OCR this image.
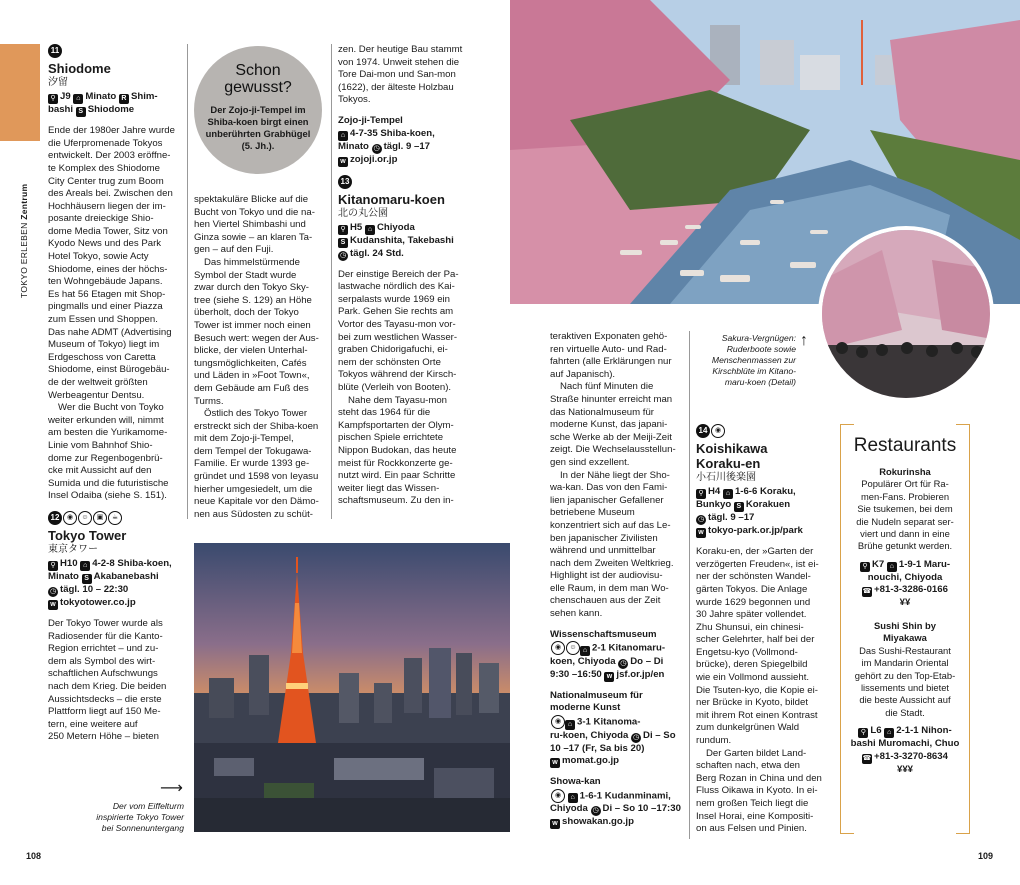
TOKYO ERLEBEN Zentrum
11
Shiodome
汐留
⚲ J9 ⌂ Minato R Shim-
bashi S Shiodome
Ende der 1980er Jahre wurde
die Uferpromenade Tokyos
entwickelt. Der 2003 eröffne-
te Komplex des Shiodome
City Center trug zum Boom
des Areals bei. Zwischen den
Hochhäusern liegen der im-
posante dreieckige Shio-
dome Media Tower, Sitz von
Kyodo News und des Park
Hotel Tokyo, sowie Acty
Shiodome, eines der höchs-
ten Wohngebäude Japans.
Es hat 56 Etagen mit Shop-
pingmalls und einer Piazza
zum Essen und Shoppen.
Das nahe ADMT (Advertising
Museum of Tokyo) liegt im
Erdgeschoss von Caretta
Shiodome, einst Bürogebäu-
de der weltweit größten
Werbeagentur Dentsu.
Wer die Bucht von Toyko
weiter erkunden will, nimmt
am besten die Yurikamome-
Linie vom Bahnhof Shio-
dome zur Regenbogenbrü-
cke mit Aussicht auf den
Sumida und die futuristische
Insel Odaiba (siehe S. 151).
12 ◉ ☺ ▣ ☕
Tokyo Tower
東京タワー
⚲ H10 ⌂ 4-2-8 Shiba-koen,
Minato S Akabanebashi
◷ tägl. 10 – 22:30
w tokyotower.co.jp
Der Tokyo Tower wurde als
Radiosender für die Kanto-
Region errichtet – und zu-
dem als Symbol des wirt-
schaftlichen Aufschwungs
nach dem Krieg. Die beiden
Aussichtsdecks – die erste
Plattform liegt auf 150 Me-
tern, eine weitere auf
250 Metern Höhe – bieten
Schon
gewusst?
Der Zojo-ji-Tempel im Shiba-koen birgt einen unberührten Grabhügel (5. Jh.).
spektakuläre Blicke auf die
Bucht von Tokyo und die na-
hen Viertel Shimbashi und
Ginza sowie – an klaren Ta-
gen – auf den Fuji.
Das himmelstürmende
Symbol der Stadt wurde
zwar durch den Tokyo Sky-
tree (siehe S. 129) an Höhe
überholt, doch der Tokyo
Tower ist immer noch einen
Besuch wert: wegen der Aus-
blicke, der vielen Unterhal-
tungsmöglichkeiten, Cafés
und Läden in »Foot Town«,
dem Gebäude am Fuß des
Turms.
Östlich des Tokyo Tower
erstreckt sich der Shiba-koen
mit dem Zojo-ji-Tempel,
dem Tempel der Tokugawa-
Familie. Er wurde 1393 ge-
gründet und 1598 von Ieyasu
hierher umgesiedelt, um die
neue Kapitale vor den Dämo-
nen aus Südosten zu schüt-
zen. Der heutige Bau stammt
von 1974. Unweit stehen die
Tore Dai-mon und San-mon
(1622), der älteste Holzbau
Tokyos.
Zojo-ji-Tempel
⌂ 4-7-35 Shiba-koen,
Minato ◷ tägl. 9 –17
w zojoji.or.jp
13
Kitanomaru-koen
北の丸公園
⚲ H5 ⌂ Chiyoda
S Kudanshita, Takebashi
◷ tägl. 24 Std.
Der einstige Bereich der Pa-
lastwache nördlich des Kai-
serpalasts wurde 1969 ein
Park. Gehen Sie rechts am
Vortor des Tayasu-mon vor-
bei zum westlichen Wasser-
graben Chidorigafuchi, ei-
nem der schönsten Orte
Tokyos während der Kirsch-
blüte (Verleih von Booten).
Nahe dem Tayasu-mon
steht das 1964 für die
Kampfsportarten der Olym-
pischen Spiele errichtete
Nippon Budokan, das heute
meist für Rockkonzerte ge-
nutzt wird. Ein paar Schritte
weiter liegt das Wissen-
schaftsmuseum. Zu den in-
⟶
Der vom Eiffelturm
inspirierte Tokyo Tower
bei Sonnenuntergang
108
teraktiven Exponaten gehö-
ren virtuelle Auto- und Rad-
fahrten (alle Erklärungen nur
auf Japanisch).
Nach fünf Minuten die
Straße hinunter erreicht man
das Nationalmuseum für
moderne Kunst, das japani-
sche Werke ab der Meiji-Zeit
zeigt. Die Wechselausstellun-
gen sind exzellent.
In der Nähe liegt der Sho-
wa-kan. Das von den Fami-
lien japanischer Gefallener
betriebene Museum
konzentriert sich auf das Le-
ben japanischer Zivilisten
während und unmittelbar
nach dem Zweiten Weltkrieg.
Highlight ist der audiovisu-
elle Raum, in dem man Wo-
chenschauen aus der Zeit
sehen kann.
Wissenschaftsmuseum
◉ ☺ ⌂ 2-1 Kitanomaru-
koen, Chiyoda ◷ Do – Di
9:30 –16:50 w jsf.or.jp/en
Nationalmuseum für
moderne Kunst
◉ ⌂ 3-1 Kitanoma-
ru-koen, Chiyoda ◷ Di – So
10 –17 (Fr, Sa bis 20)
w momat.go.jp
Showa-kan
◉ ⌂ 1-6-1 Kudanminami,
Chiyoda ◷ Di – So 10 –17:30
w showakan.go.jp
Sakura-Vergnügen:
Ruderboote sowie
Menschenmassen zur
Kirschblüte im Kitano-
maru-koen (Detail)
↑
14 ◉
Koishikawa
Koraku-en
小石川後楽園
⚲ H4 ⌂ 1-6-6 Koraku,
Bunkyo S Korakuen
◷ tägl. 9 –17
w tokyo-park.or.jp/park
Koraku-en, der »Garten der
verzögerten Freuden«, ist ei-
ner der schönsten Wandel-
gärten Tokyos. Die Anlage
wurde 1629 begonnen und
30 Jahre später vollendet.
Zhu Shunsui, ein chinesi-
scher Gelehrter, half bei der
Engetsu-kyo (Vollmond-
brücke), deren Spiegelbild
wie ein Vollmond aussieht.
Die Tsuten-kyo, die Kopie ei-
ner Brücke in Kyoto, bildet
mit ihrem Rot einen Kontrast
zum dunkelgrünen Wald
rundum.
Der Garten bildet Land-
schaften nach, etwa den
Berg Rozan in China und den
Fluss Oikawa in Kyoto. In ei-
nem großen Teich liegt die
Insel Horai, eine Kompositi-
on aus Felsen und Pinien.
Restaurants
Rokurinsha
Populärer Ort für Ra-
men-Fans. Probieren
Sie tsukemen, bei dem
die Nudeln separat ser-
viert und dann in eine
Brühe getunkt werden.
⚲ K7 ⌂ 1-9-1 Maru-
nouchi, Chiyoda
☎ +81-3-3286-0166
¥¥
Sushi Shin by
Miyakawa
Das Sushi-Restaurant
im Mandarin Oriental
gehört zu den Top-Etab-
lissements und bietet
die beste Aussicht auf
die Stadt.
⚲ L6 ⌂ 2-1-1 Nihon-
bashi Muromachi, Chuo
☎ +81-3-3270-8634
¥¥¥
109
